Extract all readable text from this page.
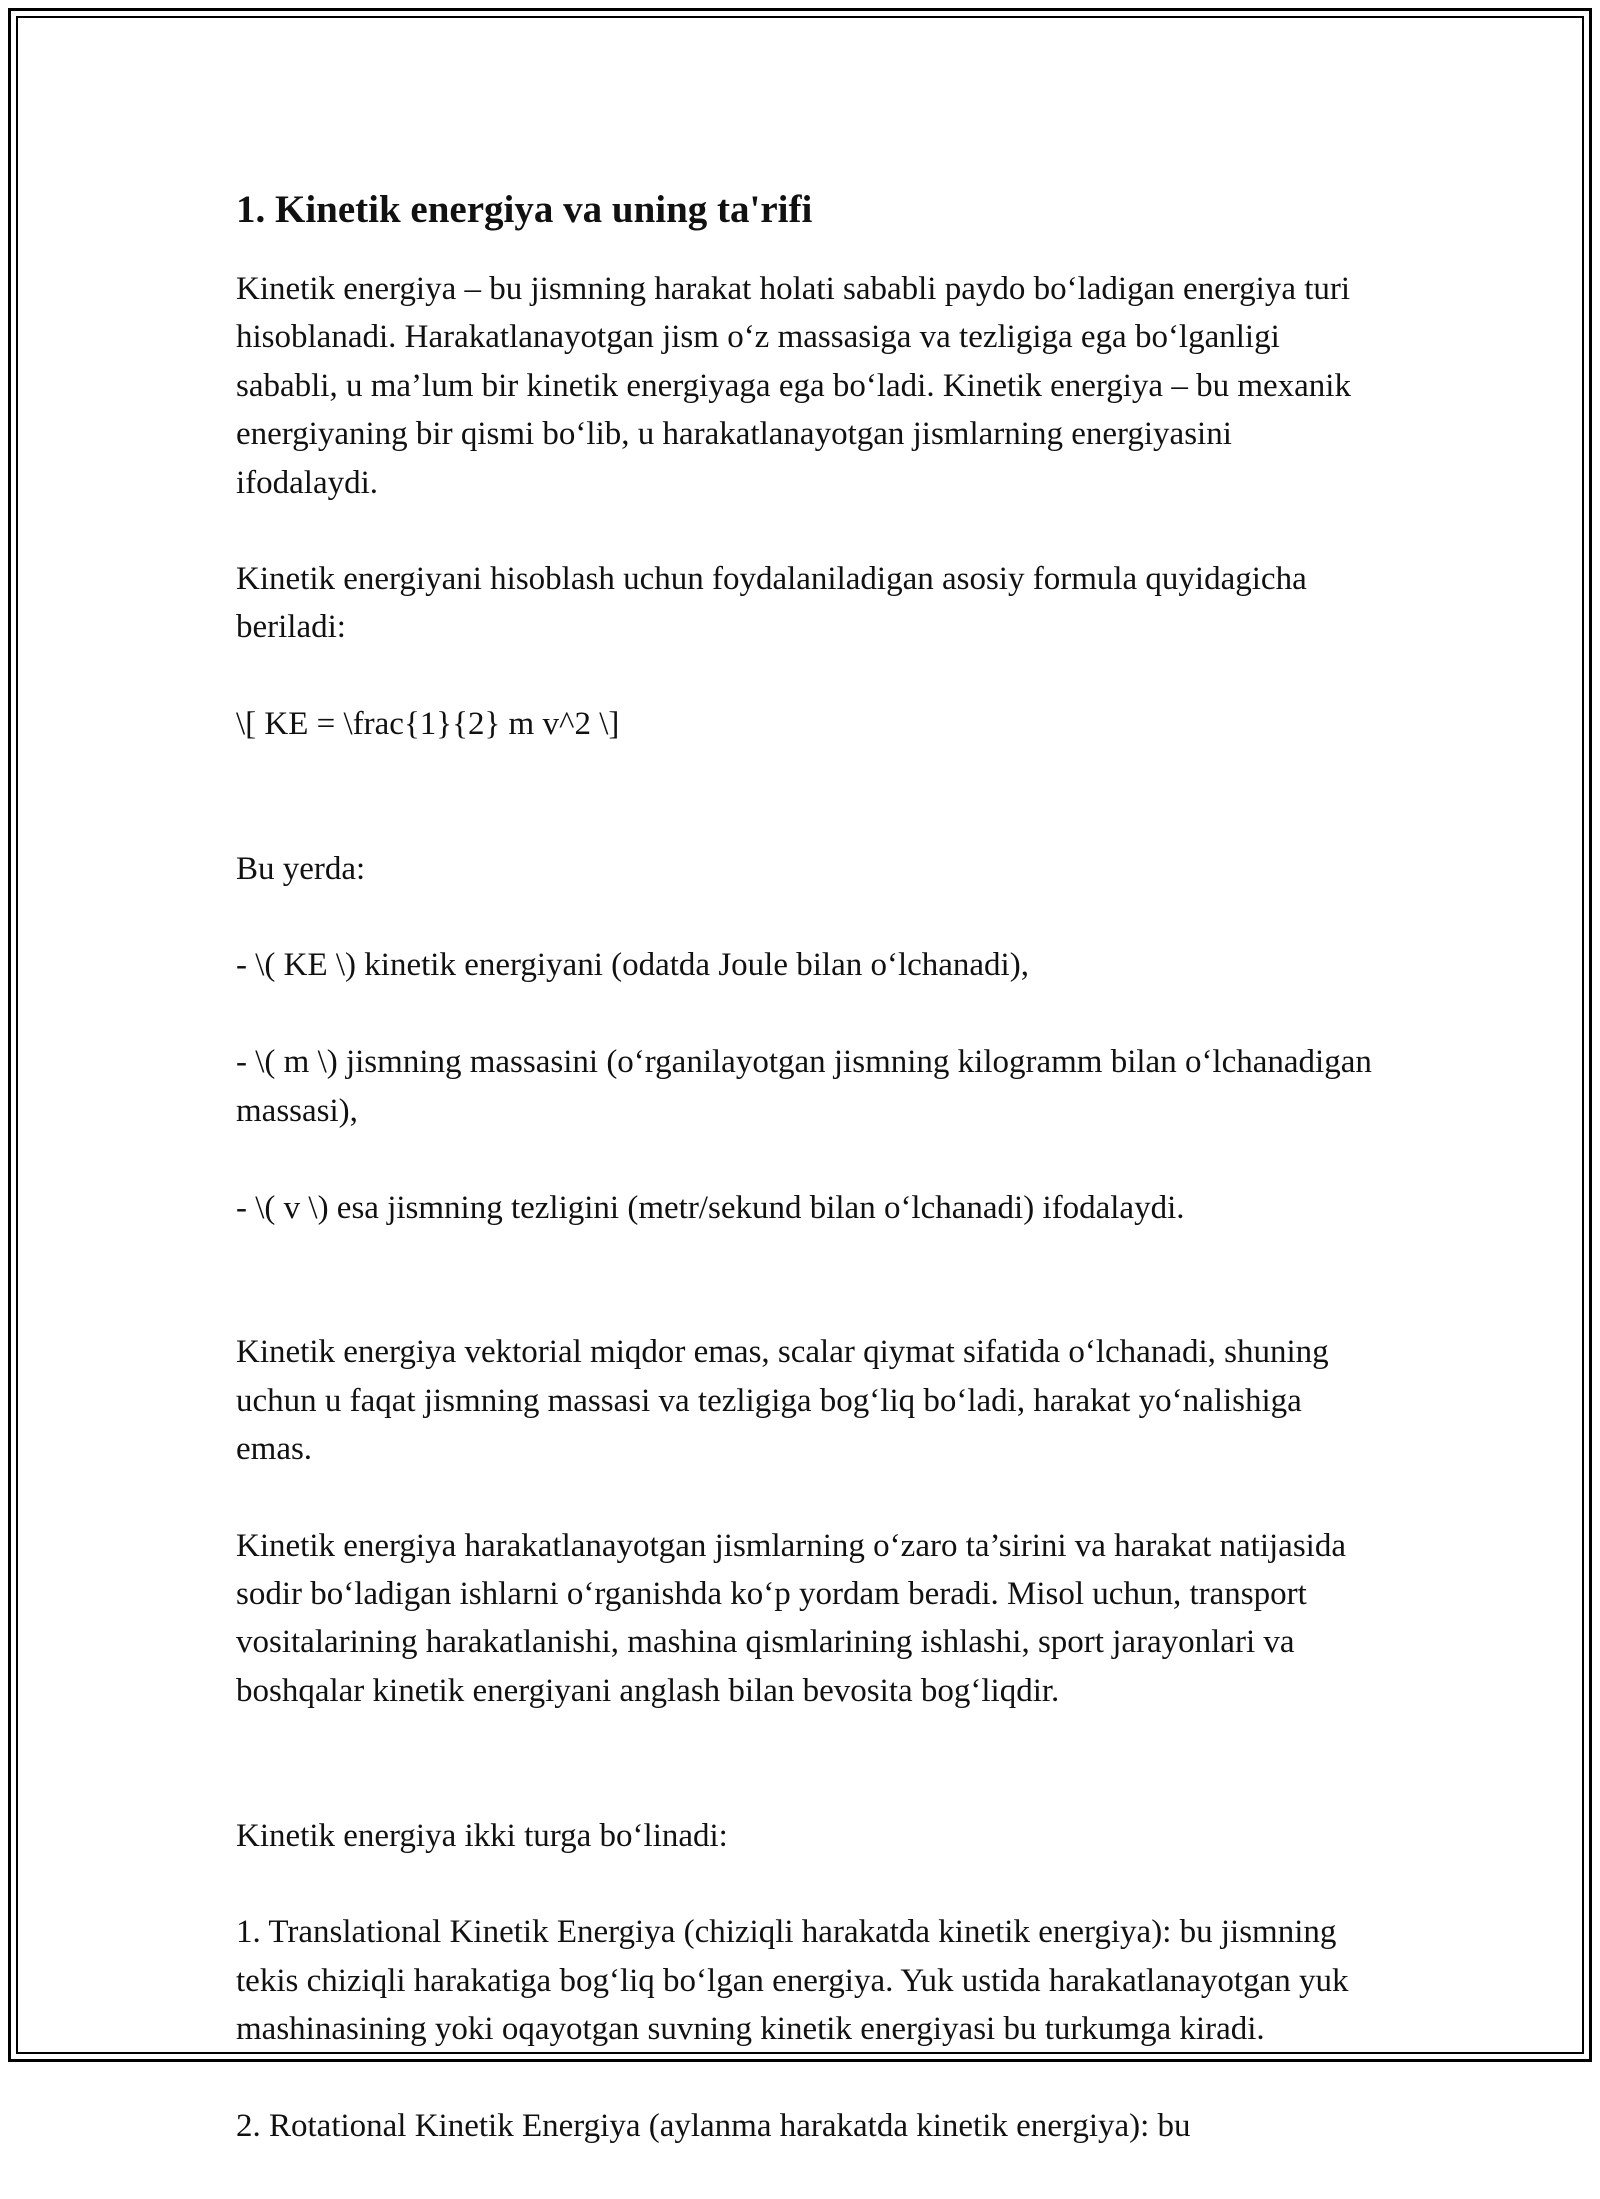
1. Kinetik energiya va uning ta'rifi

Kinetik energiya – bu jismning harakat holati sababli paydo bo‘ladigan energiya turi hisoblanadi. Harakatlanayotgan jism o‘z massasiga va tezligiga ega bo‘lganligi sababli, u ma’lum bir kinetik energiyaga ega bo‘ladi. Kinetik energiya – bu mexanik energiyaning bir qismi bo‘lib, u harakatlanayotgan jismlarning energiyasini ifodalaydi.

Kinetik energiyani hisoblash uchun foydalaniladigan asosiy formula quyidagicha beriladi:

\[ KE = \frac{1}{2} m v^2 \]

Bu yerda:

- \( KE \) kinetik energiyani (odatda Joule bilan o‘lchanadi),

- \( m \) jismning massasini (o‘rganilayotgan jismning kilogramm bilan o‘lchanadigan massasi),

- \( v \) esa jismning tezligini (metr/sekund bilan o‘lchanadi) ifodalaydi.

Kinetik energiya vektorial miqdor emas, scalar qiymat sifatida o‘lchanadi, shuning uchun u faqat jismning massasi va tezligiga bog‘liq bo‘ladi, harakat yo‘nalishiga emas.

Kinetik energiya harakatlanayotgan jismlarning o‘zaro ta’sirini va harakat natijasida sodir bo‘ladigan ishlarni o‘rganishda ko‘p yordam beradi. Misol uchun, transport vositalarining harakatlanishi, mashina qismlarining ishlashi, sport jarayonlari va boshqalar kinetik energiyani anglash bilan bevosita bog‘liqdir.

Kinetik energiya ikki turga bo‘linadi:

1. Translational Kinetik Energiya (chiziqli harakatda kinetik energiya): bu jismning tekis chiziqli harakatiga bog‘liq bo‘lgan energiya. Yuk ustida harakatlanayotgan yuk mashinasining yoki oqayotgan suvning kinetik energiyasi bu turkumga kiradi.

2. Rotational Kinetik Energiya (aylanma harakatda kinetik energiya): bu
